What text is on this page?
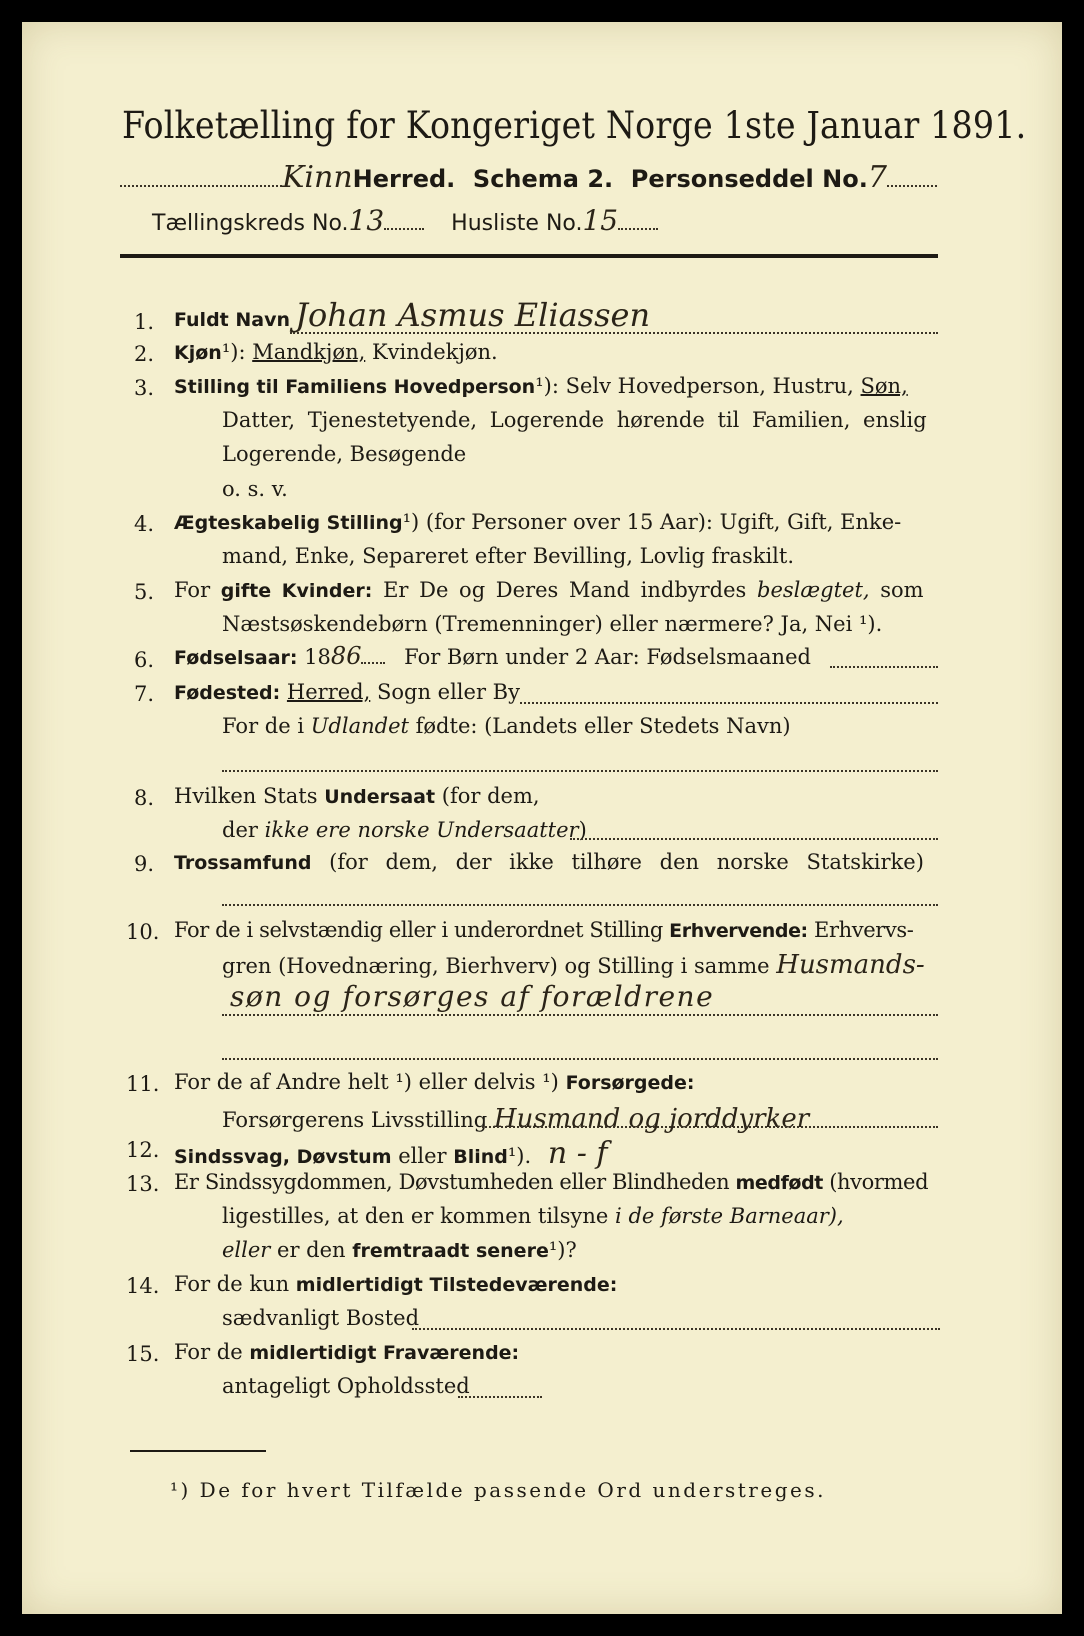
Folketælling for Kongeriget Norge 1ste Januar 1891.
KinnHerred. Schema 2. Personseddel No.7
Tællingskreds No.13	Husliste No.15
1. Fuldt Navn Johan Asmus Eliassen
2. Kjøn¹): Mandkjøn, Kvindekjøn.
3. Stilling til Familiens Hovedperson¹): Selv Hovedperson, Hustru, Søn,
Datter, Tjenestetyende, Logerende hørende til Familien, enslig
Logerende, Besøgende
o. s. v.
4. Ægteskabelig Stilling¹) (for Personer over 15 Aar): Ugift, Gift, Enke-
mand, Enke, Separeret efter Bevilling, Lovlig fraskilt.
5. For gifte Kvinder: Er De og Deres Mand indbyrdes beslægtet, som
Næstsøskendebørn (Tremenninger) eller nærmere? Ja, Nei ¹).
6. Fødselsaar: 1886 For Børn under 2 Aar: Fødselsmaaned
7. Fødested: Herred, Sogn eller By
For de i Udlandet fødte: (Landets eller Stedets Navn)
8. Hvilken Stats Undersaat (for dem,
der ikke ere norske Undersaatter)
9. Trossamfund (for dem, der ikke tilhøre den norske Statskirke)
10. For de i selvstændig eller i underordnet Stilling Erhvervende: Erhvervs-
gren (Hovednæring, Bierhverv) og Stilling i samme Husmands-
søn og forsørges af forældrene
11. For de af Andre helt ¹) eller delvis ¹) Forsørgede:
Forsørgerens Livsstilling Husmand og jorddyrker
12. Sindssvag, Døvstum eller Blind¹). n - f
13. Er Sindssygdommen, Døvstumheden eller Blindheden medfødt (hvormed
ligestilles, at den er kommen tilsyne i de første Barneaar),
eller er den fremtraadt senere¹)?
14. For de kun midlertidigt Tilstedeværende:
sædvanligt Bosted
15. For de midlertidigt Fraværende:
antageligt Opholdssted
¹) De for hvert Tilfælde passende Ord understreges.
